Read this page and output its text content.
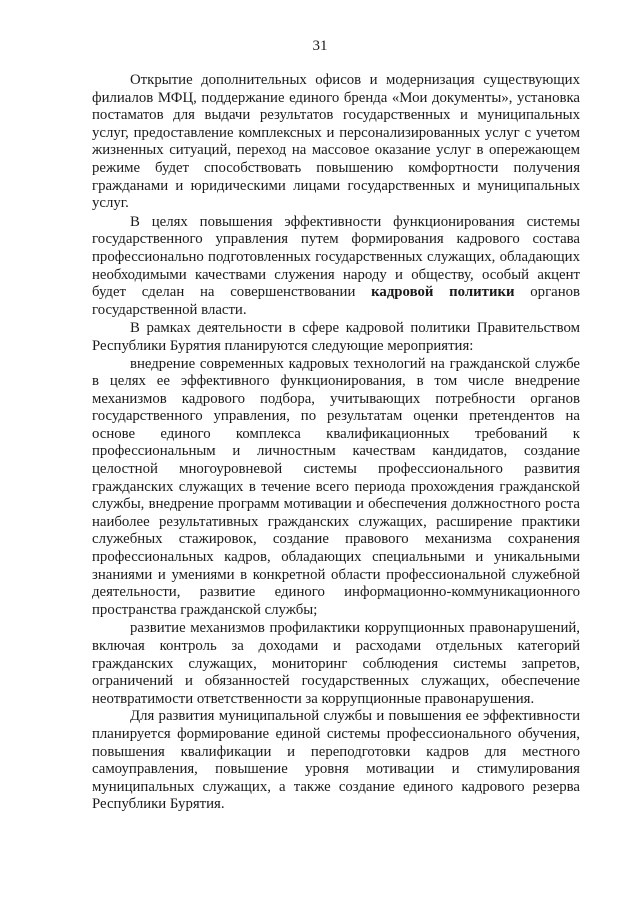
31

Открытие дополнительных офисов и модернизация существующих филиалов МФЦ, поддержание единого бренда «Мои документы», установка постаматов для выдачи результатов государственных и муниципальных услуг, предоставление комплексных и персонализированных услуг с учетом жизненных ситуаций, переход на массовое оказание услуг в опережающем режиме будет способствовать повышению комфортности получения гражданами и юридическими лицами государственных и муниципальных услуг.

В целях повышения эффективности функционирования системы государственного управления путем формирования кадрового состава профессионально подготовленных государственных служащих, обладающих необходимыми качествами служения народу и обществу, особый акцент будет сделан на совершенствовании кадровой политики органов государственной власти.

В рамках деятельности в сфере кадровой политики Правительством Республики Бурятия планируются следующие мероприятия:

внедрение современных кадровых технологий на гражданской службе в целях ее эффективного функционирования, в том числе внедрение механизмов кадрового подбора, учитывающих потребности органов государственного управления, по результатам оценки претендентов на основе единого комплекса квалификационных требований к профессиональным и личностным качествам кандидатов, создание целостной многоуровневой системы профессионального развития гражданских служащих в течение всего периода прохождения гражданской службы, внедрение программ мотивации и обеспечения должностного роста наиболее результативных гражданских служащих, расширение практики служебных стажировок, создание правового механизма сохранения профессиональных кадров, обладающих специальными и уникальными знаниями и умениями в конкретной области профессиональной служебной деятельности, развитие единого информационно-коммуникационного пространства гражданской службы;

развитие механизмов профилактики коррупционных правонарушений, включая контроль за доходами и расходами отдельных категорий гражданских служащих, мониторинг соблюдения системы запретов, ограничений и обязанностей государственных служащих, обеспечение неотвратимости ответственности за коррупционные правонарушения.

Для развития муниципальной службы и повышения ее эффективности планируется формирование единой системы профессионального обучения, повышения квалификации и переподготовки кадров для местного самоуправления, повышение уровня мотивации и стимулирования муниципальных служащих, а также создание единого кадрового резерва Республики Бурятия.
